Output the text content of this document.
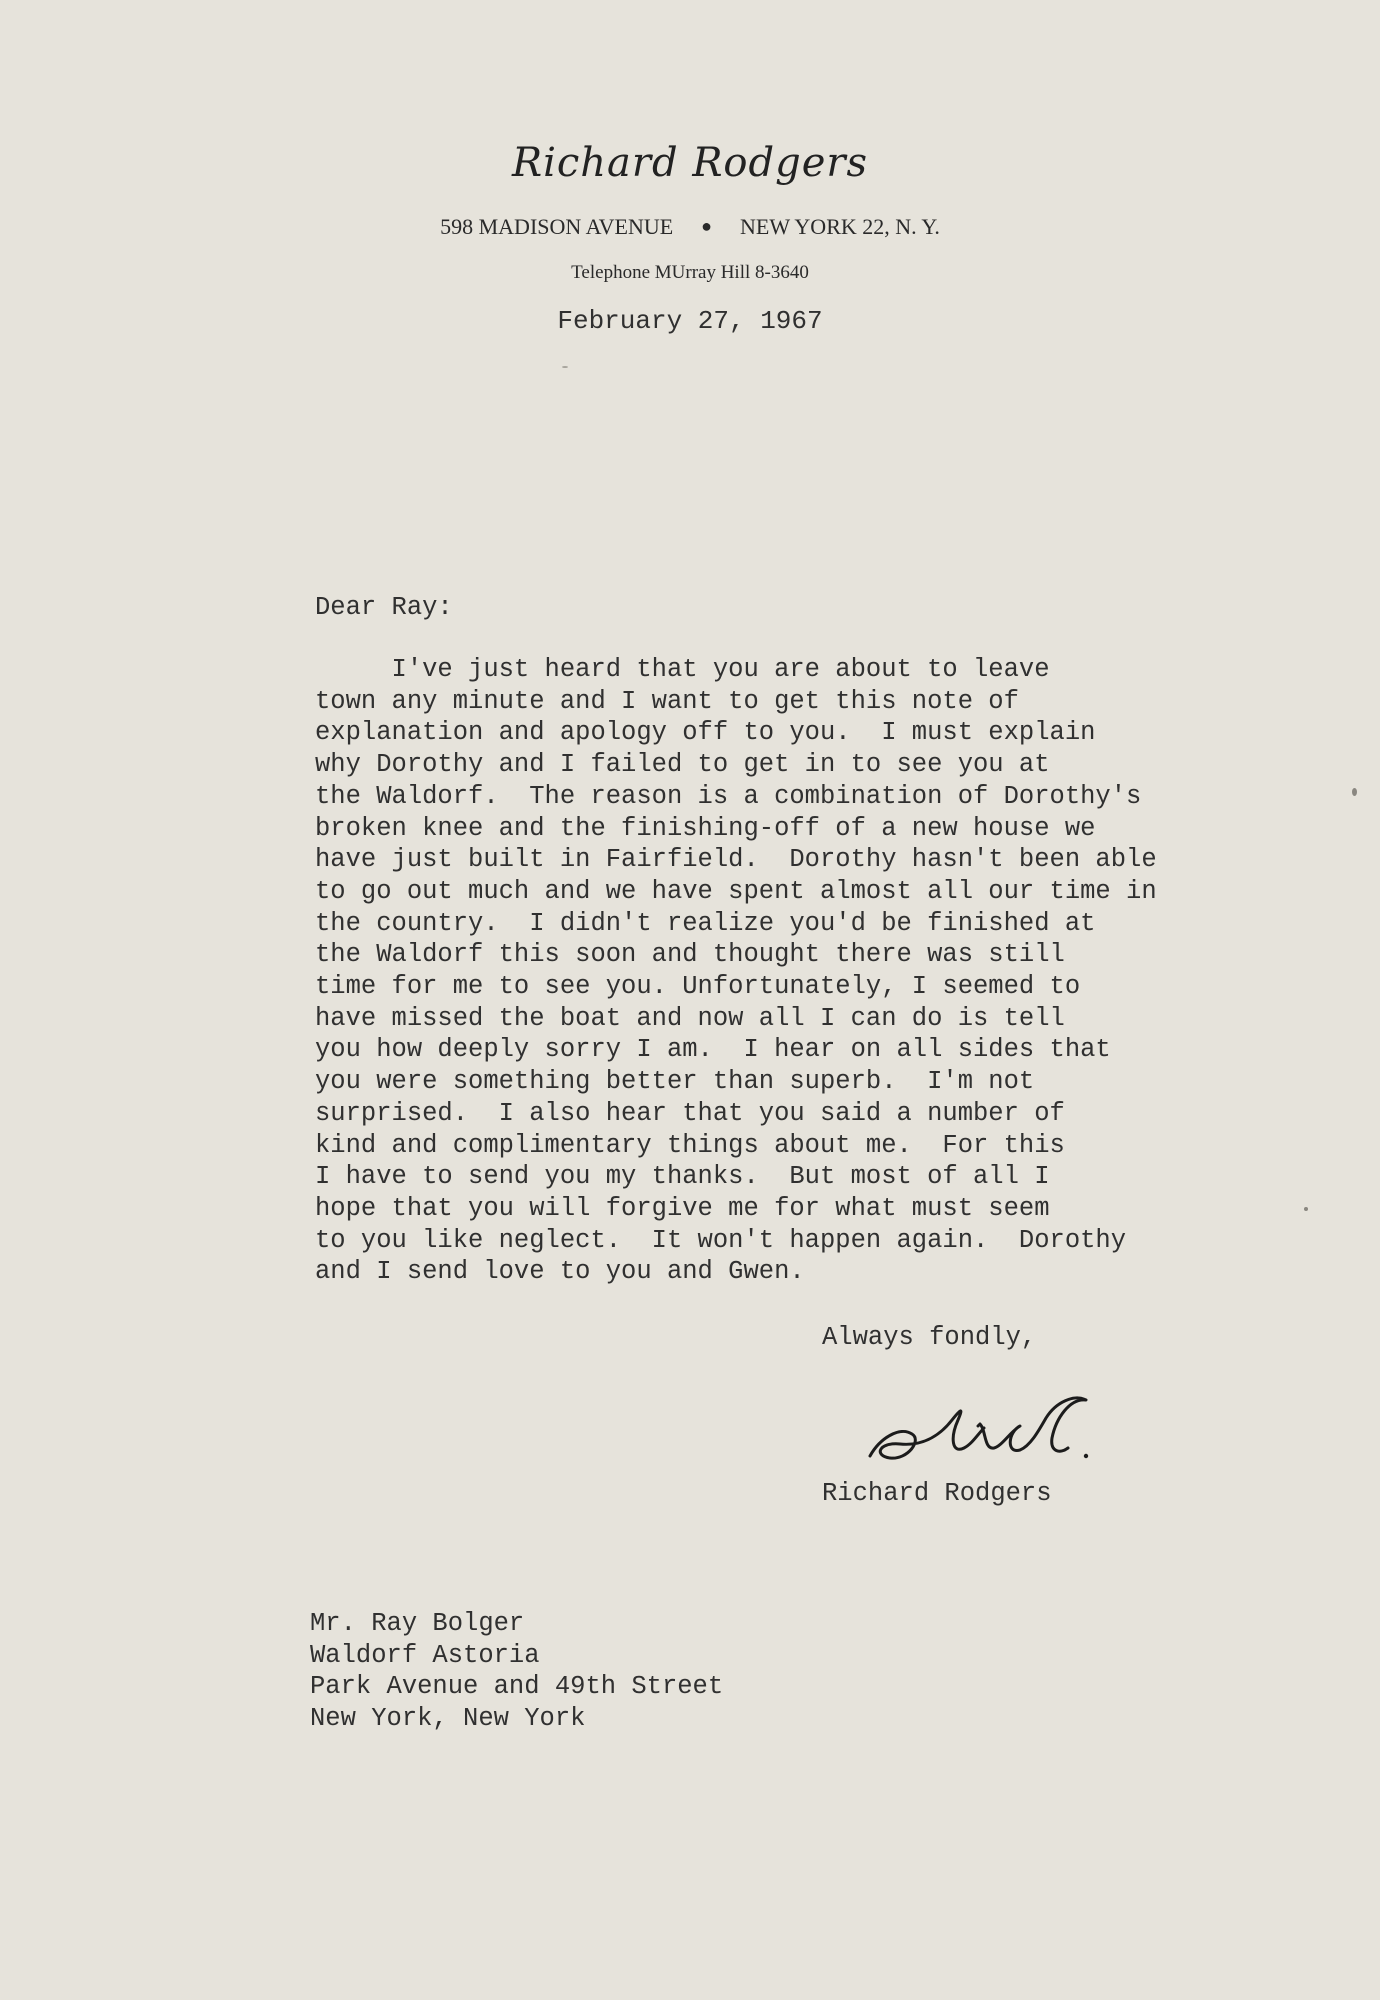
Richard Rodgers
598 MADISON AVENUE ● NEW YORK 22, N. Y.
Telephone MUrray Hill 8-3640
February 27, 1967
Dear Ray:
I've just heard that you are about to leave
town any minute and I want to get this note of
explanation and apology off to you.  I must explain
why Dorothy and I failed to get in to see you at
the Waldorf.  The reason is a combination of Dorothy's
broken knee and the finishing-off of a new house we
have just built in Fairfield.  Dorothy hasn't been able
to go out much and we have spent almost all our time in
the country.  I didn't realize you'd be finished at
the Waldorf this soon and thought there was still
time for me to see you. Unfortunately, I seemed to
have missed the boat and now all I can do is tell
you how deeply sorry I am.  I hear on all sides that
you were something better than superb.  I'm not
surprised.  I also hear that you said a number of
kind and complimentary things about me.  For this
I have to send you my thanks.  But most of all I
hope that you will forgive me for what must seem
to you like neglect.  It won't happen again.  Dorothy
and I send love to you and Gwen.
Always fondly,
Richard Rodgers
Mr. Ray Bolger
Waldorf Astoria
Park Avenue and 49th Street
New York, New York
